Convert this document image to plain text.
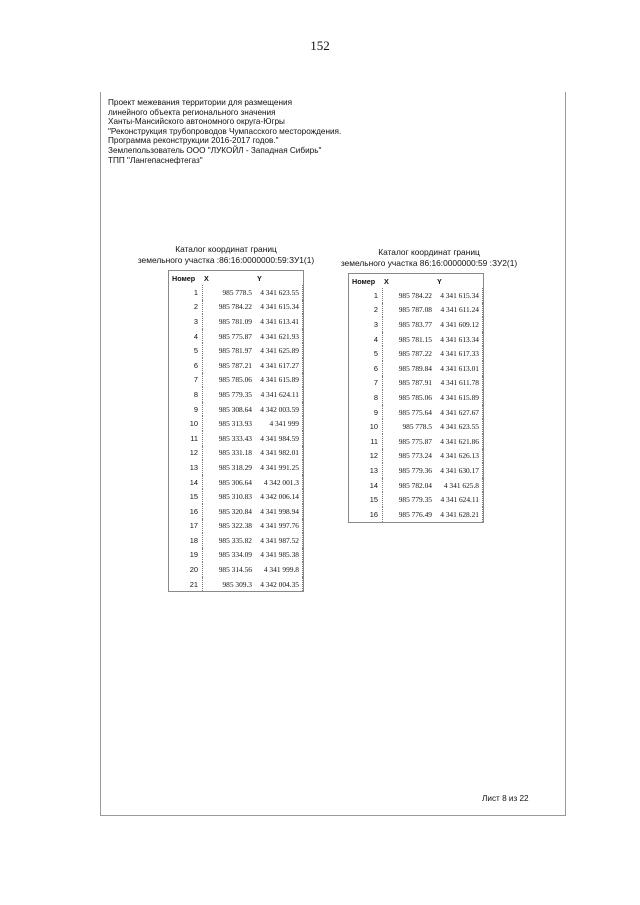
152
Проект межевания территории для размещения
линейного объекта регионального значения
Ханты-Мансийского автономного округа-Югры
"Реконструкция трубопроводов Чумпасского месторождения.
Программа реконструкции 2016-2017 годов."
Землепользователь ООО "ЛУКОЙЛ - Западная Сибирь"
ТПП "Лангепаснефтегаз"
Каталог координат границ
земельного участка :86:16:0000000:59:ЗУ1(1)
Номер	X	Y
1	985 778.5	4 341 623.55
2	985 784.22	4 341 615.34
3	985 781.09	4 341 613.41
4	985 775.87	4 341 621.93
5	985 781.97	4 341 625.89
6	985 787.21	4 341 617.27
7	985 785.06	4 341 615.89
8	985 779.35	4 341 624.11
9	985 308.64	4 342 003.59
10	985 313.93	4 341 999
11	985 333.43	4 341 984.59
12	985 331.18	4 341 982.01
13	985 318.29	4 341 991.25
14	985 306.64	4 342 001.3
15	985 310.83	4 342 006.14
16	985 320.84	4 341 998.94
17	985 322.38	4 341 997.76
18	985 335.82	4 341 987.52
19	985 334.09	4 341 985.38
20	985 314.56	4 341 999.8
21	985 309.3	4 342 004.35
Каталог координат границ
земельного участка 86:16:0000000:59 :ЗУ2(1)
Номер	X	Y
1	985 784.22	4 341 615.34
2	985 787.08	4 341 611.24
3	985 783.77	4 341 609.12
4	985 781.15	4 341 613.34
5	985 787.22	4 341 617.33
6	985 789.84	4 341 613.01
7	985 787.91	4 341 611.78
8	985 785.06	4 341 615.89
9	985 775.64	4 341 627.67
10	985 778.5	4 341 623.55
11	985 775.87	4 341 621.86
12	985 773.24	4 341 626.13
13	985 779.36	4 341 630.17
14	985 782.04	4 341 625.8
15	985 779.35	4 341 624.11
16	985 776.49	4 341 628.21
Лист 8 из 22
